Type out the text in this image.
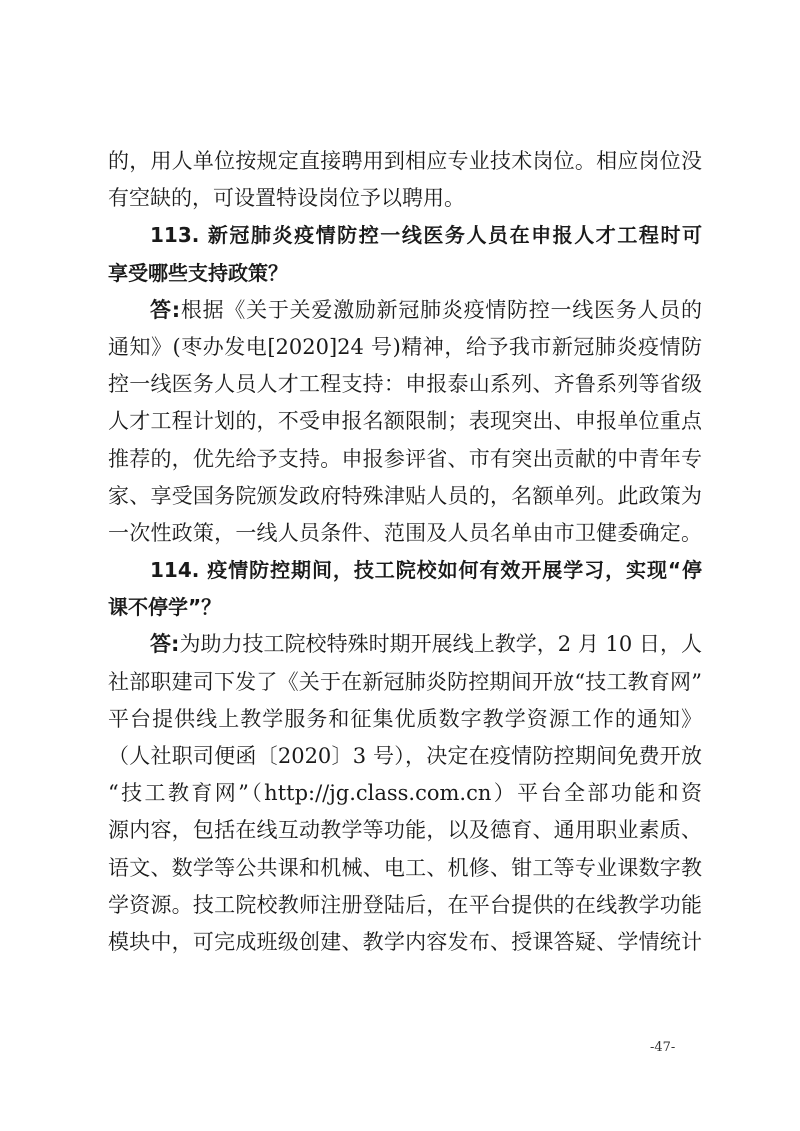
的，用人单位按规定直接聘用到相应专业技术岗位。相应岗位没
有空缺的，可设置特设岗位予以聘用。
113. 新冠肺炎疫情防控一线医务人员在申报人才工程时可
享受哪些支持政策？
答:根据《关于关爱激励新冠肺炎疫情防控一线医务人员的
通知》(枣办发电[2020]24 号)精神，给予我市新冠肺炎疫情防
控一线医务人员人才工程支持：申报泰山系列、齐鲁系列等省级
人才工程计划的，不受申报名额限制；表现突出、申报单位重点
推荐的，优先给予支持。申报参评省、市有突出贡献的中青年专
家、享受国务院颁发政府特殊津贴人员的，名额单列。此政策为
一次性政策，一线人员条件、范围及人员名单由市卫健委确定。
114. 疫情防控期间，技工院校如何有效开展学习，实现“停
课不停学”？
答:为助力技工院校特殊时期开展线上教学，2 月 10 日，人
社部职建司下发了《关于在新冠肺炎防控期间开放“技工教育网”
平台提供线上教学服务和征集优质数字教学资源工作的通知》
（人社职司便函〔2020〕3 号），决定在疫情防控期间免费开放
“技工教育网”（http://jg.class.com.cn）平台全部功能和资
源内容，包括在线互动教学等功能，以及德育、通用职业素质、
语文、数学等公共课和机械、电工、机修、钳工等专业课数字教
学资源。技工院校教师注册登陆后，在平台提供的在线教学功能
模块中，可完成班级创建、教学内容发布、授课答疑、学情统计
-47-
